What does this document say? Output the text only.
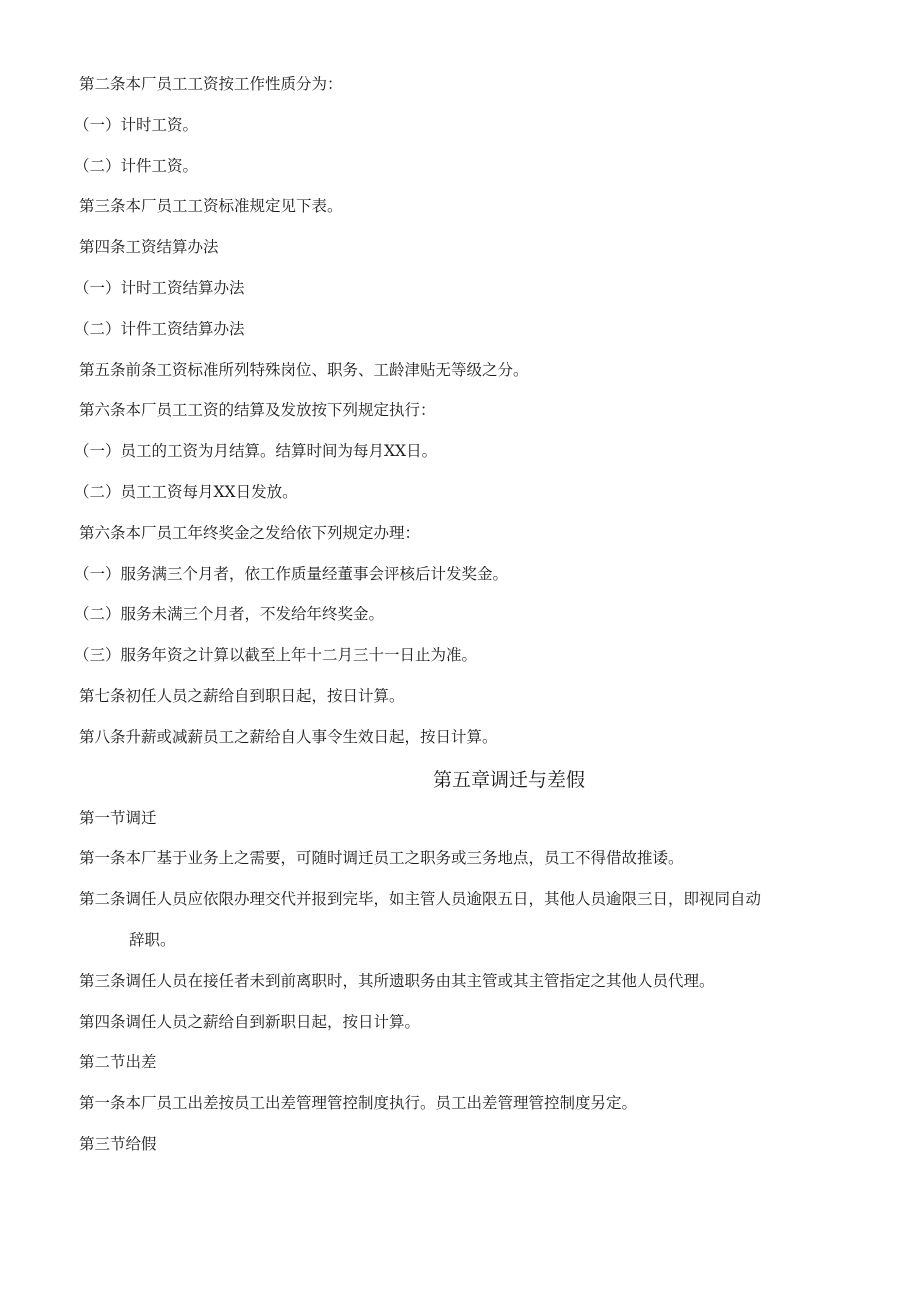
第二条本厂员工工资按工作性质分为：
（一）计时工资。
（二）计件工资。
第三条本厂员工工资标准规定见下表。
第四条工资结算办法
（一）计时工资结算办法
（二）计件工资结算办法
第五条前条工资标准所列特殊岗位、职务、工龄津贴无等级之分。
第六条本厂员工工资的结算及发放按下列规定执行：
（一）员工的工资为月结算。结算时间为每月XX日。
（二）员工工资每月XX日发放。
第六条本厂员工年终奖金之发给依下列规定办理：
（一）服务满三个月者，依工作质量经董事会评核后计发奖金。
（二）服务未满三个月者，不发给年终奖金。
（三）服务年资之计算以截至上年十二月三十一日止为准。
第七条初任人员之薪给自到职日起，按日计算。
第八条升薪或减薪员工之薪给自人事令生效日起，按日计算。
第五章调迁与差假
第一节调迁
第一条本厂基于业务上之需要，可随时调迁员工之职务或三务地点，员工不得借故推诿。
第二条调任人员应依限办理交代并报到完毕，如主管人员逾限五日，其他人员逾限三日，即视同自动
辞职。
第三条调任人员在接任者未到前离职时，其所遗职务由其主管或其主管指定之其他人员代理。
第四条调任人员之薪给自到新职日起，按日计算。
第二节出差
第一条本厂员工出差按员工出差管理管控制度执行。员工出差管理管控制度另定。
第三节给假
